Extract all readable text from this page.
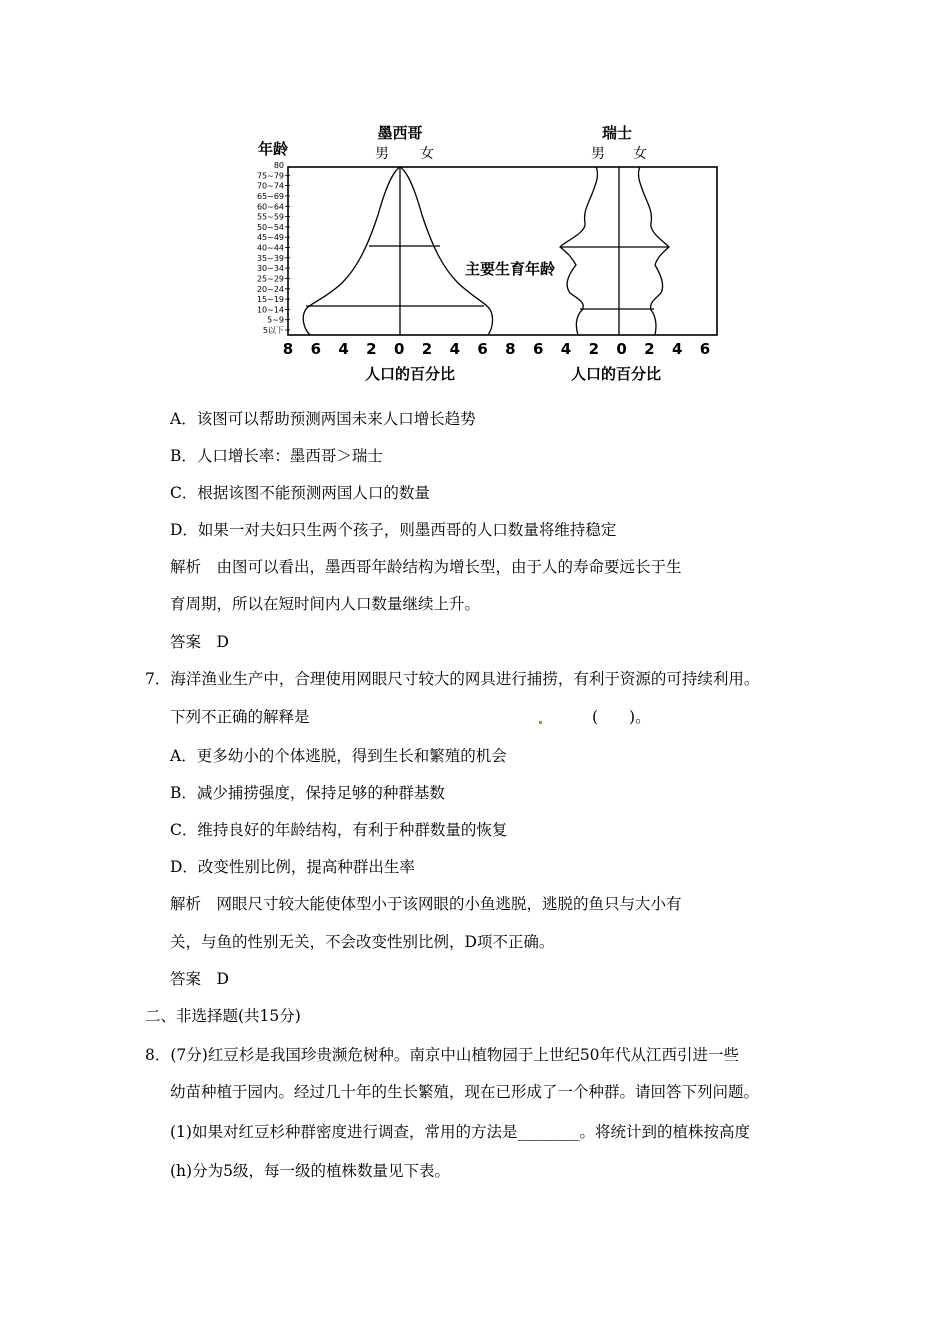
年龄
墨西哥
男 女
瑞士
男 女
80
75~79
70~74
65~69
60~64
55~59
50~54
45~49
40~44
35~39
30~34
25~29
20~24
15~19
10~14
5~9
5以下
主要生育年龄
8 6 4 2 0 2 4 6 8 6 4 2 0 2 4 6
人口的百分比	人口的百分比
A．该图可以帮助预测两国未来人口增长趋势
B．人口增长率：墨西哥＞瑞士
C．根据该图不能预测两国人口的数量
D．如果一对夫妇只生两个孩子，则墨西哥的人口数量将维持稳定
解析　由图可以看出，墨西哥年龄结构为增长型，由于人的寿命要远长于生
育周期，所以在短时间内人口数量继续上升。
答案　D
7．海洋渔业生产中，合理使用网眼尺寸较大的网具进行捕捞，有利于资源的可持续利用。
下列不正确的解释是	(　　)。
A．更多幼小的个体逃脱，得到生长和繁殖的机会
B．减少捕捞强度，保持足够的种群基数
C．维持良好的年龄结构，有利于种群数量的恢复
D．改变性别比例，提高种群出生率
解析　网眼尺寸较大能使体型小于该网眼的小鱼逃脱，逃脱的鱼只与大小有
关，与鱼的性别无关，不会改变性别比例，D项不正确。
答案　D
二、非选择题(共15分)
8．(7分)红豆杉是我国珍贵濒危树种。南京中山植物园于上世纪50年代从江西引进一些
幼苗种植于园内。经过几十年的生长繁殖，现在已形成了一个种群。请回答下列问题。
(1)如果对红豆杉种群密度进行调查，常用的方法是________。将统计到的植株按高度
(h)分为5级，每一级的植株数量见下表。
